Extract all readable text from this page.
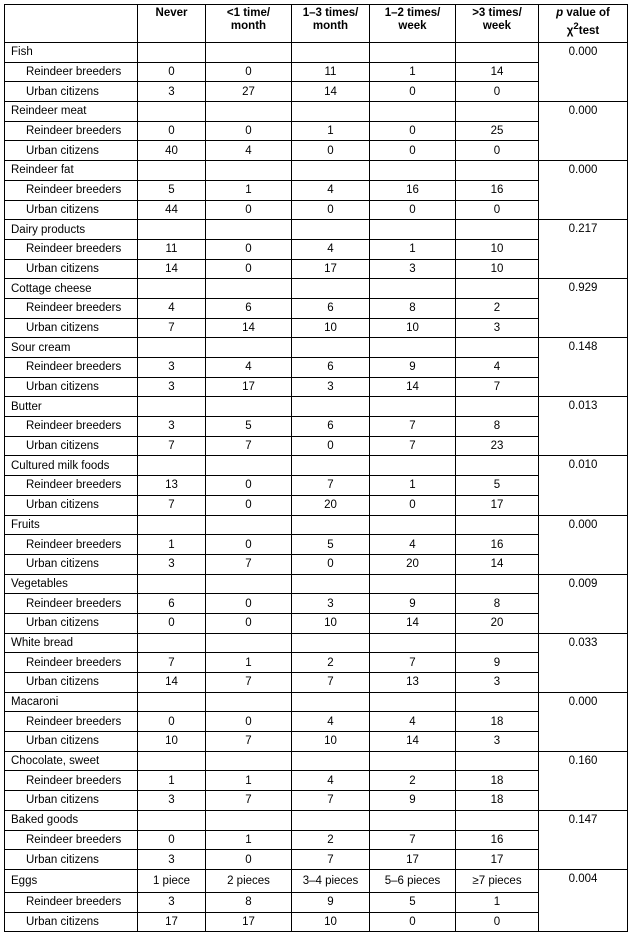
	Never	<1 time/ month	1–3 times/ month	1–2 times/ week	>3 times/ week	p value of
$\chi^2test$
Fish						0.000
Reindeer breeders	0	0	11	1	14	
Urban citizens	3	27	14	0	0	
Reindeer meat						0.000
Reindeer breeders	0	0	1	0	25	
Urban citizens	40	4	0	0	0	
Reindeer fat						0.000
Reindeer breeders	5	1	4	16	16	
Urban citizens	44	0	0	0	0	
Dairy products						0.217
Reindeer breeders	11	0	4	1	10	
Urban citizens	14	0	17	3	10	
Cottage cheese						0.929
Reindeer breeders	4	6	6	8	2	
Urban citizens	7	14	10	10	3	
Sour cream						0.148
Reindeer breeders	3	4	6	9	4	
Urban citizens	3	17	3	14	7	
Butter						0.013
Reindeer breeders	3	5	6	7	8	
Urban citizens	7	7	0	7	23	
Cultured milk foods						0.010
Reindeer breeders	13	0	7	1	5	
Urban citizens	7	0	20	0	17	
Fruits						0.000
Reindeer breeders	1	0	5	4	16	
Urban citizens	3	7	0	20	14	
Vegetables						0.009
Reindeer breeders	6	0	3	9	8	
Urban citizens	0	0	10	14	20	
White bread						0.033
Reindeer breeders	7	1	2	7	9	
Urban citizens	14	7	7	13	3	
Macaroni						0.000
Reindeer breeders	0	0	4	4	18	
Urban citizens	10	7	10	14	3	
Chocolate, sweet						0.160
Reindeer breeders	1	1	4	2	18	
Urban citizens	3	7	7	9	18	
Baked goods						0.147
Reindeer breeders	0	1	2	7	16	
Urban citizens	3	0	7	17	17	
Eggs	1 piece	2 pieces	3–4 pieces	5–6 pieces	≥7 pieces	0.004
Reindeer breeders	3	8	9	5	1	
Urban citizens	17	17	10	0	0	
